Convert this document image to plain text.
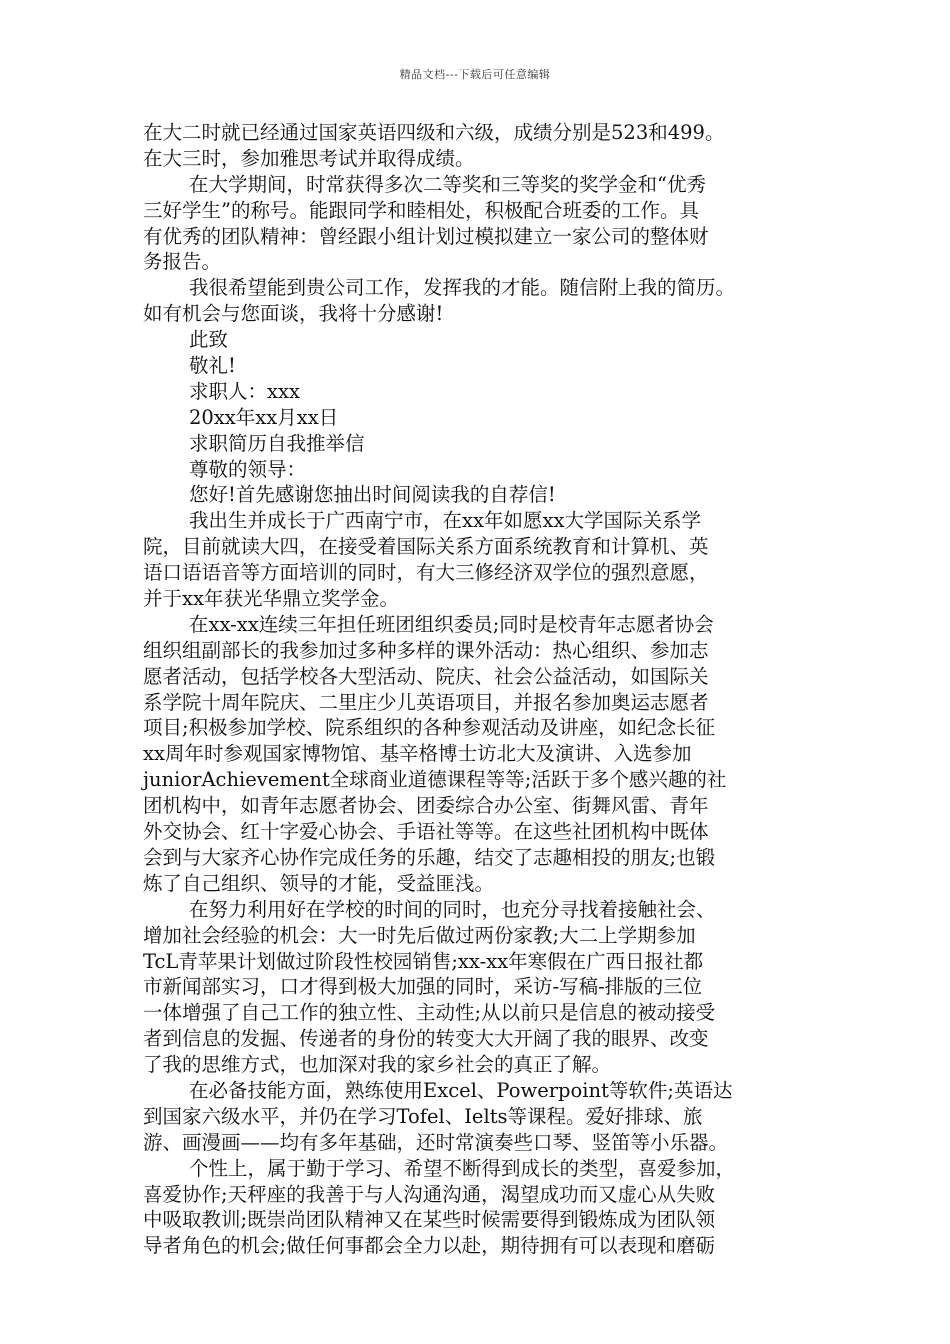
精品文档---下载后可任意编辑
在大二时就已经通过国家英语四级和六级，成绩分别是523和499。
在大三时，参加雅思考试并取得成绩。
在大学期间，时常获得多次二等奖和三等奖的奖学金和“优秀
三好学生”的称号。能跟同学和睦相处，积极配合班委的工作。具
有优秀的团队精神：曾经跟小组计划过模拟建立一家公司的整体财
务报告。
我很希望能到贵公司工作，发挥我的才能。随信附上我的简历。
如有机会与您面谈，我将十分感谢!
此致
敬礼!
求职人：xxx
20xx年xx月xx日
求职简历自我推举信
尊敬的领导：
您好!首先感谢您抽出时间阅读我的自荐信!
我出生并成长于广西南宁市，在xx年如愿xx大学国际关系学
院，目前就读大四，在接受着国际关系方面系统教育和计算机、英
语口语语音等方面培训的同时，有大三修经济双学位的强烈意愿，
并于xx年获光华鼎立奖学金。
在xx-xx连续三年担任班团组织委员;同时是校青年志愿者协会
组织组副部长的我参加过多种多样的课外活动：热心组织、参加志
愿者活动，包括学校各大型活动、院庆、社会公益活动，如国际关
系学院十周年院庆、二里庄少儿英语项目，并报名参加奥运志愿者
项目;积极参加学校、院系组织的各种参观活动及讲座，如纪念长征
xx周年时参观国家博物馆、基辛格博士访北大及演讲、入选参加
juniorAchievement全球商业道德课程等等;活跃于多个感兴趣的社
团机构中，如青年志愿者协会、团委综合办公室、街舞风雷、青年
外交协会、红十字爱心协会、手语社等等。在这些社团机构中既体
会到与大家齐心协作完成任务的乐趣，结交了志趣相投的朋友;也锻
炼了自己组织、领导的才能，受益匪浅。
在努力利用好在学校的时间的同时，也充分寻找着接触社会、
增加社会经验的机会：大一时先后做过两份家教;大二上学期参加
TcL青苹果计划做过阶段性校园销售;xx-xx年寒假在广西日报社都
市新闻部实习，口才得到极大加强的同时，采访-写稿-排版的三位
一体增强了自己工作的独立性、主动性;从以前只是信息的被动接受
者到信息的发掘、传递者的身份的转变大大开阔了我的眼界、改变
了我的思维方式，也加深对我的家乡社会的真正了解。
在必备技能方面，熟练使用Excel、Powerpoint等软件;英语达
到国家六级水平，并仍在学习Tofel、Ielts等课程。爱好排球、旅
游、画漫画——均有多年基础，还时常演奏些口琴、竖笛等小乐器。
个性上，属于勤于学习、希望不断得到成长的类型，喜爱参加，
喜爱协作;天秤座的我善于与人沟通沟通，渴望成功而又虚心从失败
中吸取教训;既崇尚团队精神又在某些时候需要得到锻炼成为团队领
导者角色的机会;做任何事都会全力以赴，期待拥有可以表现和磨砺
